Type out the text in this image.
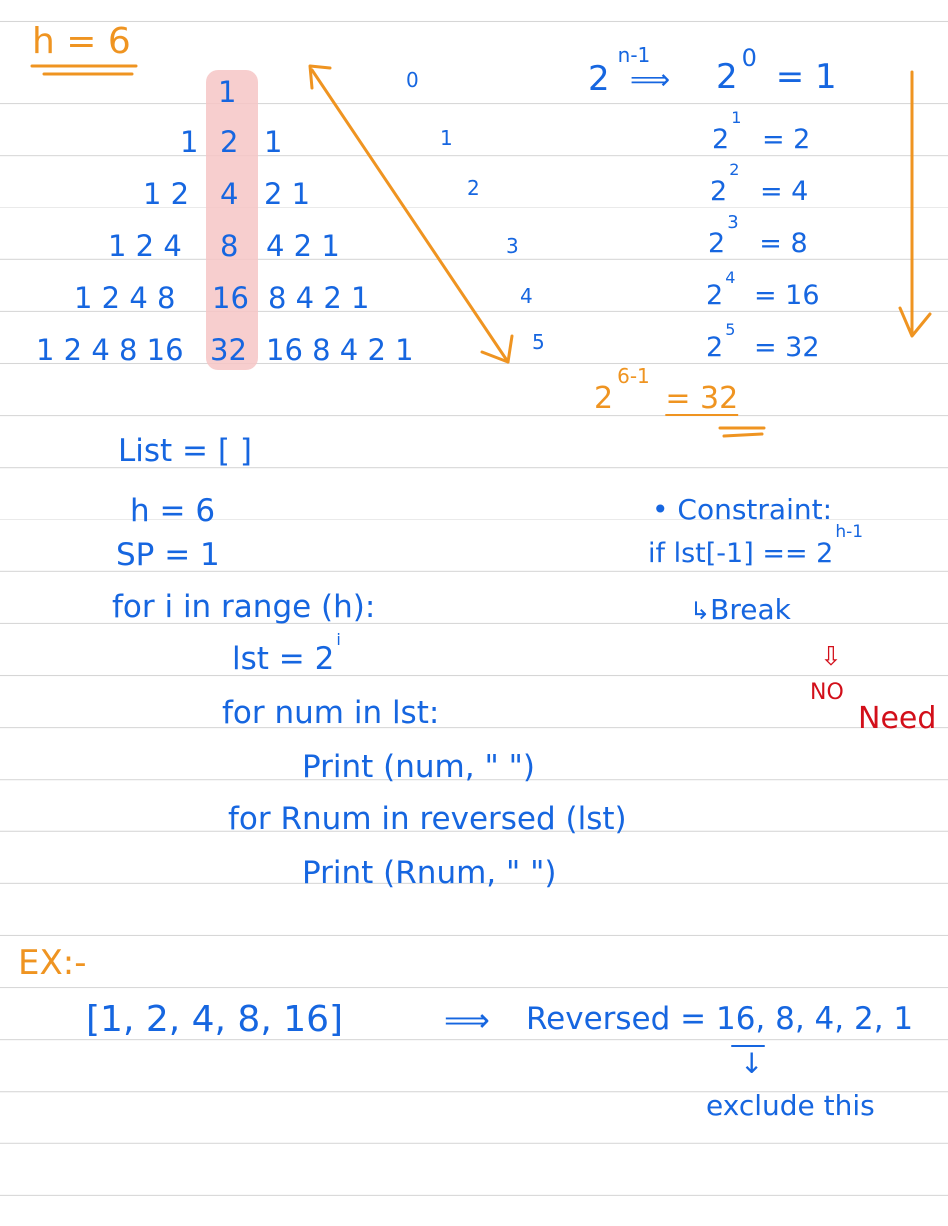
h = 6
1
1 2 1
1 2 4 2 1
1 2 4 8 4 2 1
1 2 4 8 16 8 4 2 1
1 2 4 8 16 32 16 8 4 2 1
0
1
2
3
4
5
2n-1
⟹ 2 $^0$ = 1
$2^1 = 2$
$2^2 = 4$
$2^3 = 8$
$2^4 = 16$
$2^5 = 32$
$2^{6-1} = 32$
List = [ ]
h = 6
SP = 1
for i in range (h):
lst = $2^i$
for num in lst:
Print (num, " ")
for Rnum in reversed (lst)
Print (Rnum, " ")
• Constraint:
if $lst[-1] == 2^{h-1}$
↳Break
⇩
NO
Need
EX:-
[1, 2, 4, 8, 16]	⟹ Reversed = 16, 8, 4, 2, 1
↓
exclude this
